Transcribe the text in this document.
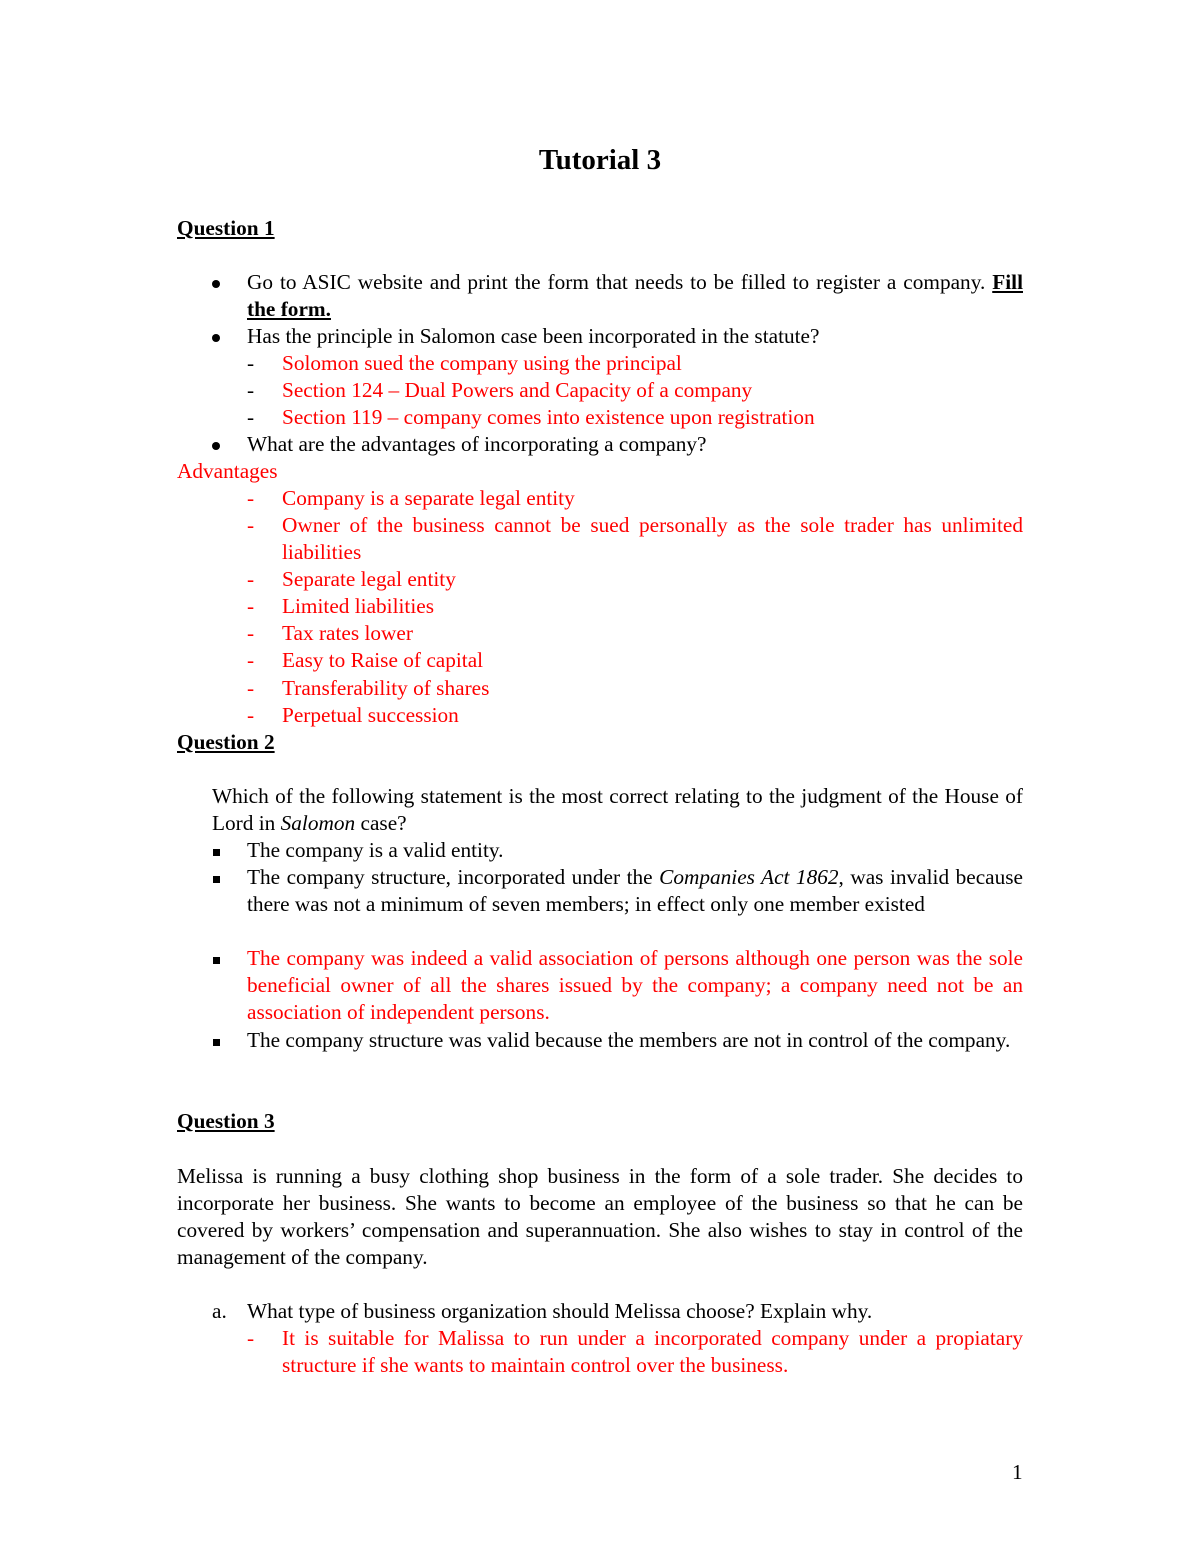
Tutorial 3
Question 1
Go to ASIC website and print the form that needs to be filled to register a company. Fill the form.
Has the principle in Salomon case been incorporated in the statute?
-	Solomon sued the company using the principal
-	Section 124 – Dual Powers and Capacity of a company
-	Section 119 – company comes into existence upon registration
What are the advantages of incorporating a company?
Advantages
-	Company is a separate legal entity
-	Owner of the business cannot be sued personally as the sole trader has unlimited liabilities
-	Separate legal entity
-	Limited liabilities
-	Tax rates lower
-	Easy to Raise of capital
-	Transferability of shares
-	Perpetual succession
Question 2
Which of the following statement is the most correct relating to the judgment of the House of Lord in Salomon case?
The company is a valid entity.
The company structure, incorporated under the Companies Act 1862, was invalid because there was not a minimum of seven members; in effect only one member existed
The company was indeed a valid association of persons although one person was the sole beneficial owner of all the shares issued by the company; a company need not be an association of independent persons.
The company structure was valid because the members are not in control of the company.
Question 3
Melissa is running a busy clothing shop business in the form of a sole trader. She decides to incorporate her business. She wants to become an employee of the business so that he can be covered by workers’ compensation and superannuation. She also wishes to stay in control of the management of the company.
a. What type of business organization should Melissa choose? Explain why.
-	It is suitable for Malissa to run under a incorporated company under a propiatary structure if she wants to maintain control over the business.
1
